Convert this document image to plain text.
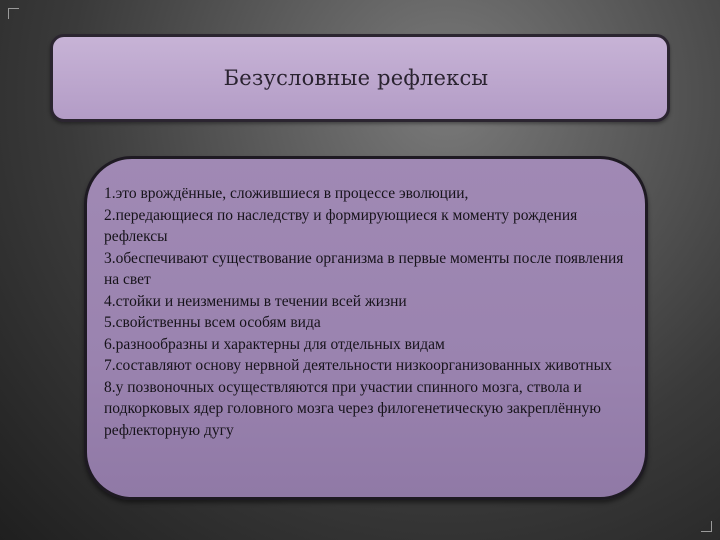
Безусловные рефлексы
1.это врождённые, сложившиеся в процессе эволюции,
2.передающиеся по наследству и формирующиеся к моменту рождения рефлексы
3.обеспечивают существование организма в первые моменты после появления на свет
4.стойки и неизменимы в течении всей жизни
5.свойственны всем особям вида
6.разнообразны и характерны для отдельных видам
7.составляют основу нервной деятельности низкоорганизованных животных
8.у позвоночных осуществляются при участии спинного мозга, ствола и подкорковых ядер головного мозга через филогенетическую закреплённую рефлекторную дугу
